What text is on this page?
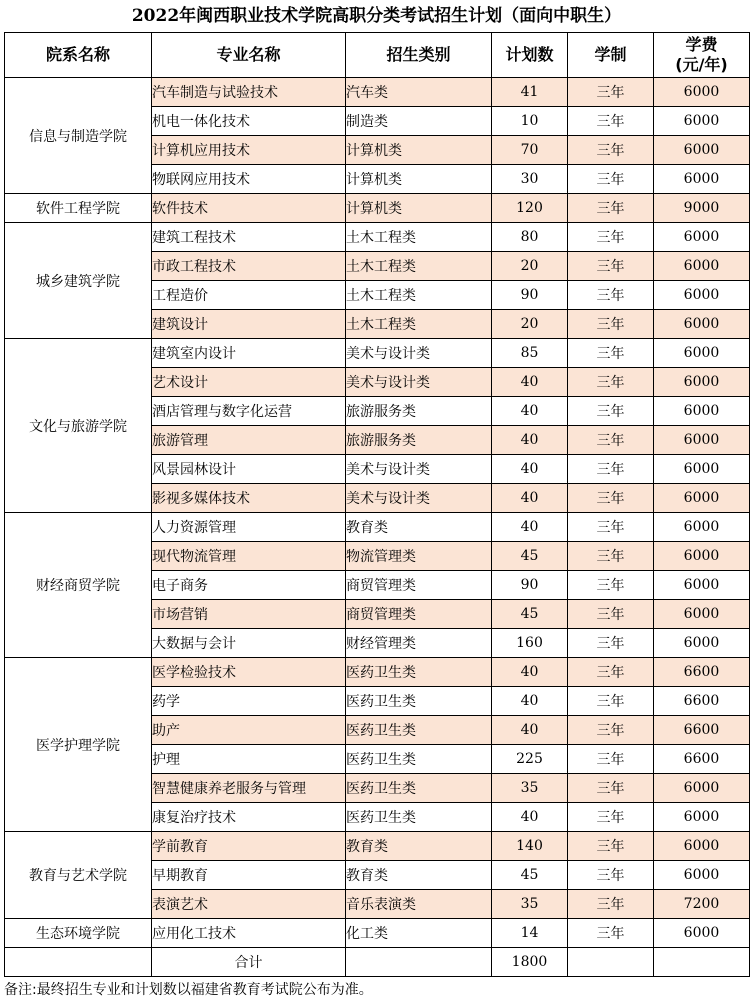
2022年闽西职业技术学院高职分类考试招生计划（面向中职生）
院系名称	专业名称	招生类别	计划数	学制	学费
(元/年)

信息与制造学院	汽车制造与试验技术	汽车类	41	三年	6000
	机电一体化技术	制造类	10	三年	6000
	计算机应用技术	计算机类	70	三年	6000
	物联网应用技术	计算机类	30	三年	6000
软件工程学院	软件技术	计算机类	120	三年	9000
城乡建筑学院	建筑工程技术	土木工程类	80	三年	6000
	市政工程技术	土木工程类	20	三年	6000
	工程造价	土木工程类	90	三年	6000
	建筑设计	土木工程类	20	三年	6000
文化与旅游学院	建筑室内设计	美术与设计类	85	三年	6000
	艺术设计	美术与设计类	40	三年	6000
	酒店管理与数字化运营	旅游服务类	40	三年	6000
	旅游管理	旅游服务类	40	三年	6000
	风景园林设计	美术与设计类	40	三年	6000
	影视多媒体技术	美术与设计类	40	三年	6000
财经商贸学院	人力资源管理	教育类	40	三年	6000
	现代物流管理	物流管理类	45	三年	6000
	电子商务	商贸管理类	90	三年	6000
	市场营销	商贸管理类	45	三年	6000
	大数据与会计	财经管理类	160	三年	6000
医学护理学院	医学检验技术	医药卫生类	40	三年	6600
	药学	医药卫生类	40	三年	6600
	助产	医药卫生类	40	三年	6600
	护理	医药卫生类	225	三年	6600
	智慧健康养老服务与管理	医药卫生类	35	三年	6000
	康复治疗技术	医药卫生类	40	三年	6000
教育与艺术学院	学前教育	教育类	140	三年	6000
	早期教育	教育类	45	三年	6000
	表演艺术	音乐表演类	35	三年	7200
生态环境学院	应用化工技术	化工类	14	三年	6000
	合计		1800		
备注:最终招生专业和计划数以福建省教育考试院公布为准。
